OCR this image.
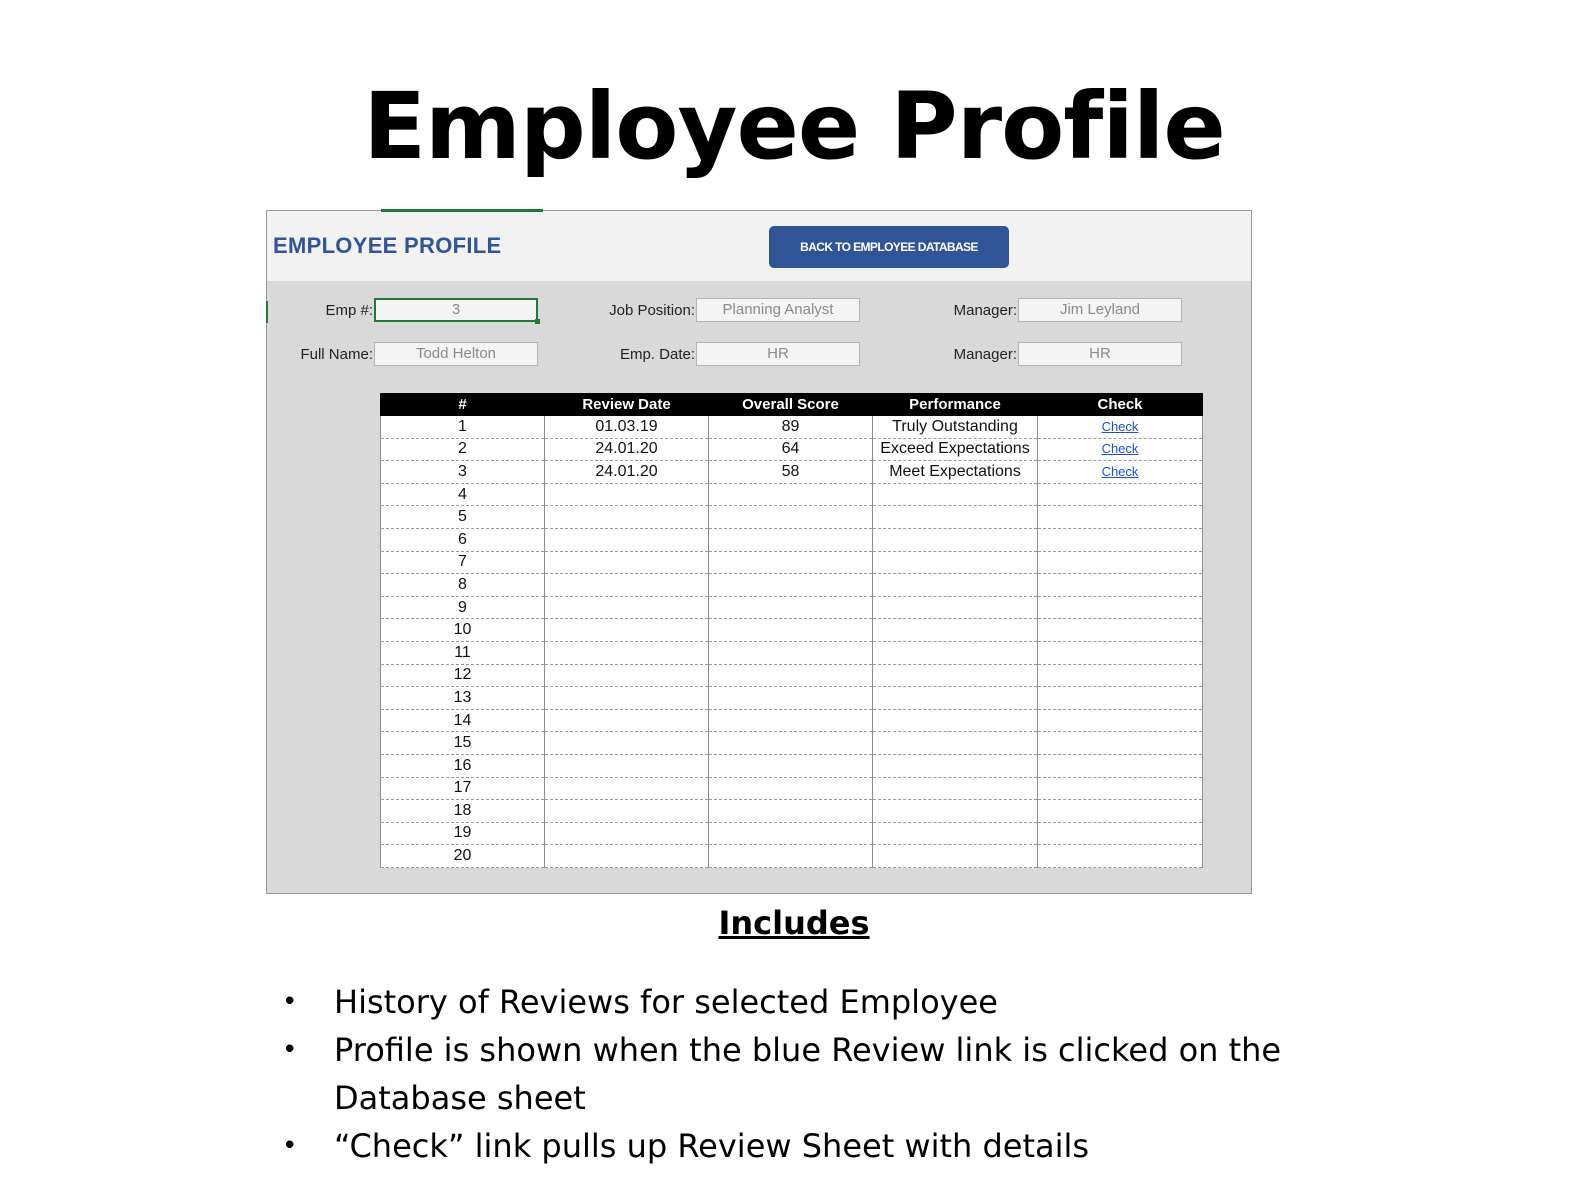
Employee Profile
EMPLOYEE PROFILE	BACK TO EMPLOYEE DATABASE
Emp #:	3	Job Position:	Planning Analyst	Manager:	Jim Leyland
Full Name:	Todd Helton	Emp. Date:	HR	Manager:	HR
#	Review Date	Overall Score	Performance	Check
1	01.03.19	89	Truly Outstanding	Check
2	24.01.20	64	Exceed Expectations	Check
3	24.01.20	58	Meet Expectations	Check
4				
5				
6				
7				
8				
9				
10				
11				
12				
13				
14				
15				
16				
17				
18				
19				
20				
Includes
• History of Reviews for selected Employee
• Profile is shown when the blue Review link is clicked on the Database sheet
• “Check” link pulls up Review Sheet with details
